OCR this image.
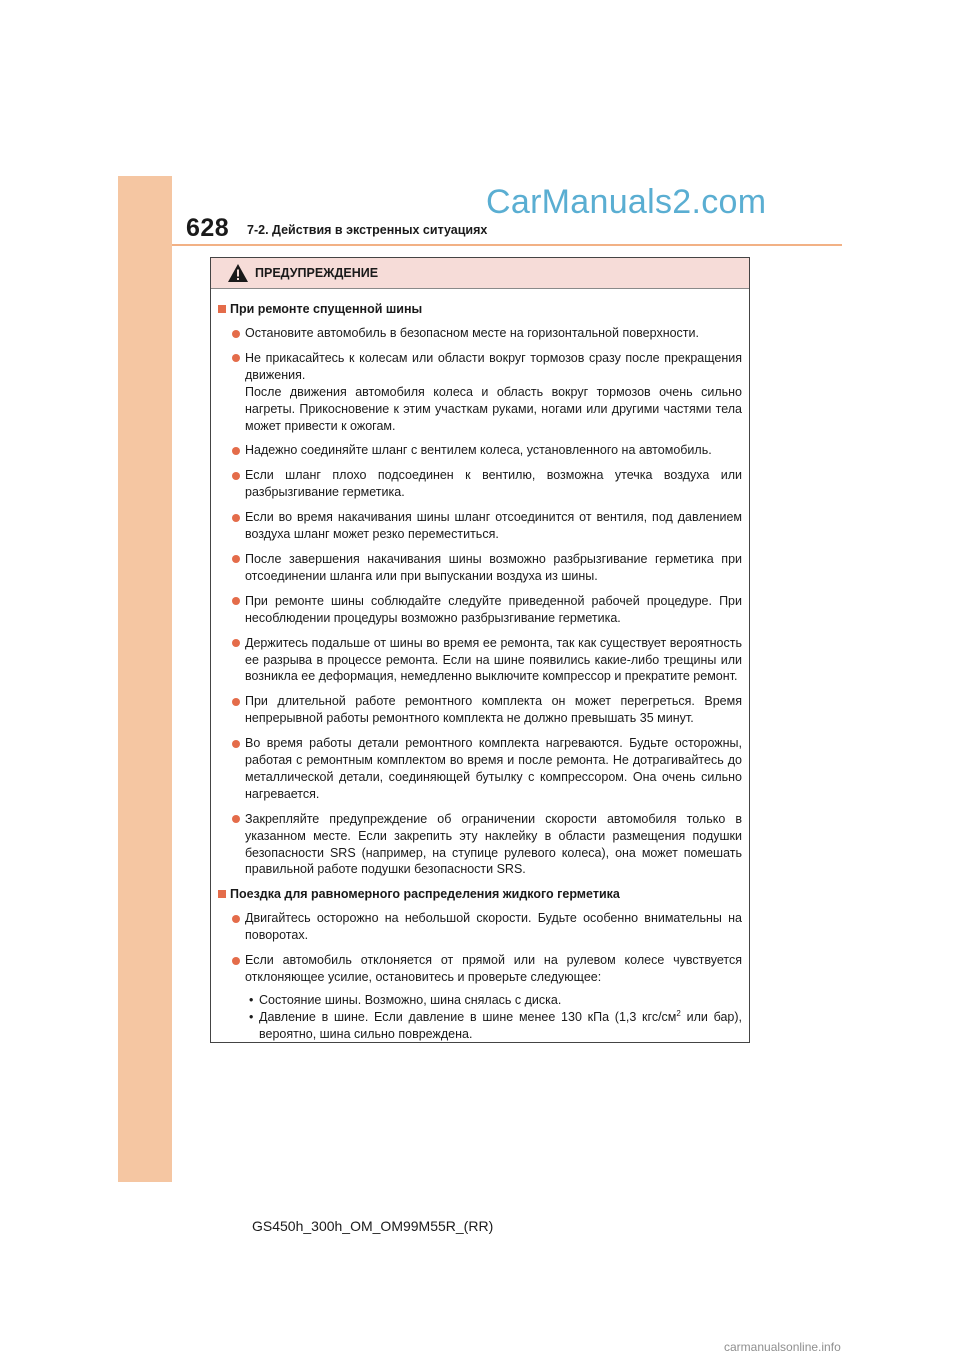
628 7-2. Действия в экстренных ситуациях
CarManuals2.com
ПРЕДУПРЕЖДЕНИЕ
При ремонте спущенной шины
Остановите автомобиль в безопасном месте на горизонтальной поверхности.
Не прикасайтесь к колесам или области вокруг тормозов сразу после прекращения движения.
После движения автомобиля колеса и область вокруг тормозов очень сильно нагреты. Прикосновение к этим участкам руками, ногами или другими частями тела может привести к ожогам.
Надежно соединяйте шланг с вентилем колеса, установленного на автомобиль.
Если шланг плохо подсоединен к вентилю, возможна утечка воздуха или разбрызгивание герметика.
Если во время накачивания шины шланг отсоединится от вентиля, под давлением воздуха шланг может резко переместиться.
После завершения накачивания шины возможно разбрызгивание герметика при отсоединении шланга или при выпускании воздуха из шины.
При ремонте шины соблюдайте следуйте приведенной рабочей процедуре. При несоблюдении процедуры возможно разбрызгивание герметика.
Держитесь подальше от шины во время ее ремонта, так как существует вероятность ее разрыва в процессе ремонта. Если на шине появились какие-либо трещины или возникла ее деформация, немедленно выключите компрессор и прекратите ремонт.
При длительной работе ремонтного комплекта он может перегреться. Время непрерывной работы ремонтного комплекта не должно превышать 35 минут.
Во время работы детали ремонтного комплекта нагреваются. Будьте осторожны, работая с ремонтным комплектом во время и после ремонта. Не дотрагивайтесь до металлической детали, соединяющей бутылку с компрессором. Она очень сильно нагревается.
Закрепляйте предупреждение об ограничении скорости автомобиля только в указанном месте. Если закрепить эту наклейку в области размещения подушки безопасности SRS (например, на ступице рулевого колеса), она может помешать правильной работе подушки безопасности SRS.
Поездка для равномерного распределения жидкого герметика
Двигайтесь осторожно на небольшой скорости. Будьте особенно внимательны на поворотах.
Если автомобиль отклоняется от прямой или на рулевом колесе чувствуется отклоняющее усилие, остановитесь и проверьте следующее:
• Состояние шины. Возможно, шина снялась с диска.
• Давление в шине. Если давление в шине менее 130 кПа (1,3 кгс/$см^2$ или бар), вероятно, шина сильно повреждена.
GS450h_300h_OM_OM99M55R_(RR)
carmanualsonline.info
